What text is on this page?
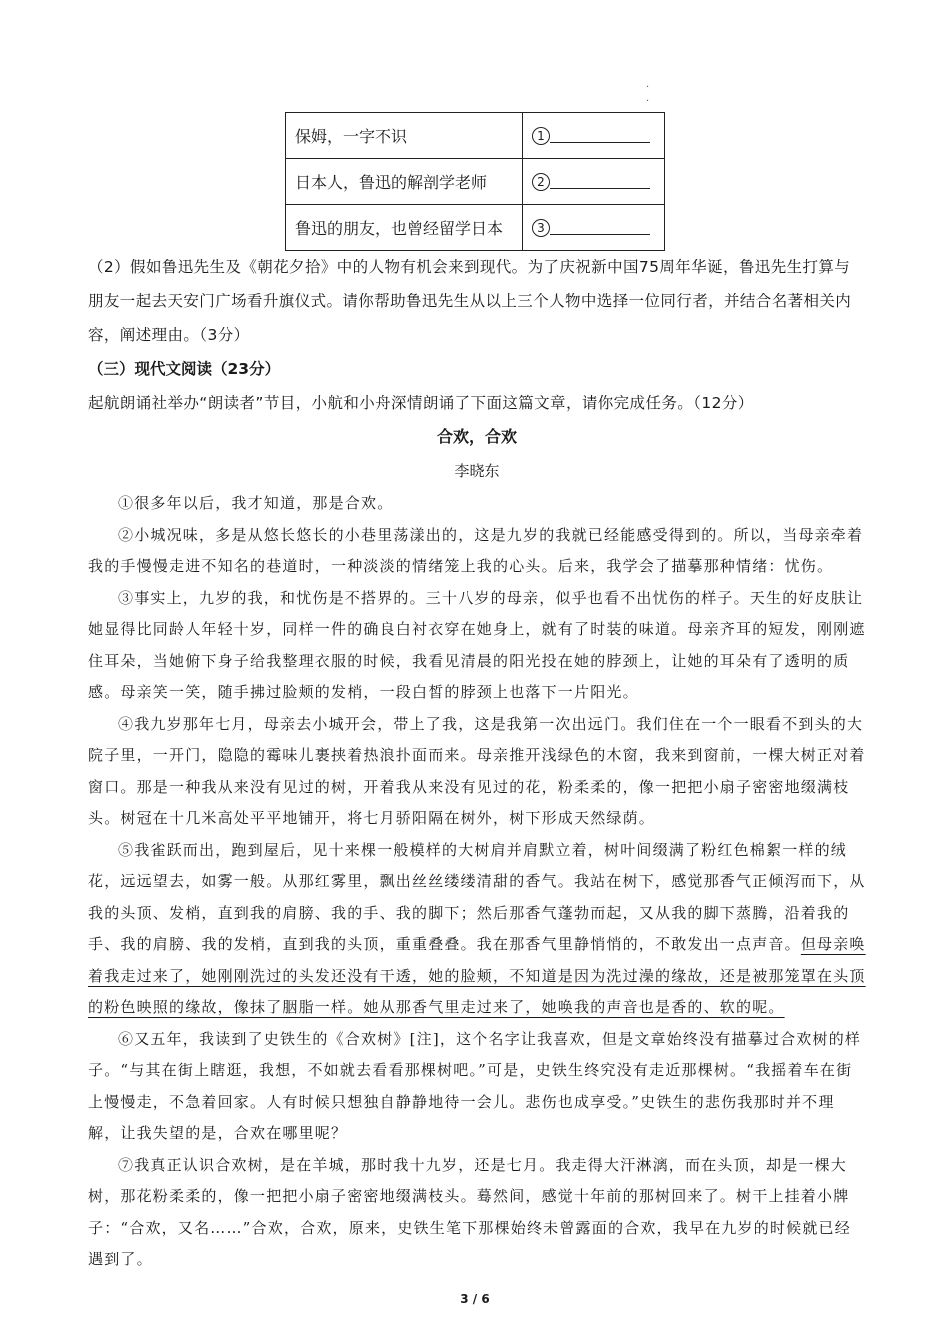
.
.
保姆，一字不识	1
日本人，鲁迅的解剖学老师	2
鲁迅的朋友，也曾经留学日本	3

（2）假如鲁迅先生及《朝花夕拾》中的人物有机会来到现代。为了庆祝新中国75周年华诞，鲁迅先生打算与朋友一起去天安门广场看升旗仪式。请你帮助鲁迅先生从以上三个人物中选择一位同行者，并结合名著相关内容，阐述理由。（3分）

（三）现代文阅读（23分）

起航朗诵社举办“朗读者”节目，小航和小舟深情朗诵了下面这篇文章，请你完成任务。（12分）

合欢，合欢

李晓东

①很多年以后，我才知道，那是合欢。

②小城况味，多是从悠长悠长的小巷里荡漾出的，这是九岁的我就已经能感受得到的。所以，当母亲牵着我的手慢慢走进不知名的巷道时，一种淡淡的情绪笼上我的心头。后来，我学会了描摹那种情绪：忧伤。

③事实上，九岁的我，和忧伤是不搭界的。三十八岁的母亲，似乎也看不出忧伤的样子。天生的好皮肤让她显得比同龄人年轻十岁，同样一件的确良白衬衣穿在她身上，就有了时装的味道。母亲齐耳的短发，刚刚遮住耳朵，当她俯下身子给我整理衣服的时候，我看见清晨的阳光投在她的脖颈上，让她的耳朵有了透明的质感。母亲笑一笑，随手拂过脸颊的发梢，一段白皙的脖颈上也落下一片阳光。

④我九岁那年七月，母亲去小城开会，带上了我，这是我第一次出远门。我们住在一个一眼看不到头的大院子里，一开门，隐隐的霉味儿裹挟着热浪扑面而来。母亲推开浅绿色的木窗，我来到窗前，一棵大树正对着窗口。那是一种我从来没有见过的树，开着我从来没有见过的花，粉柔柔的，像一把把小扇子密密地缀满枝头。树冠在十几米高处平平地铺开，将七月骄阳隔在树外，树下形成天然绿荫。

⑤我雀跃而出，跑到屋后，见十来棵一般模样的大树肩并肩默立着，树叶间缀满了粉红色棉絮一样的绒花，远远望去，如雾一般。从那红雾里，飘出丝丝缕缕清甜的香气。我站在树下，感觉那香气正倾泻而下，从我的头顶、发梢，直到我的肩膀、我的手、我的脚下；然后那香气蓬勃而起，又从我的脚下蒸腾，沿着我的手、我的肩膀、我的发梢，直到我的头顶，重重叠叠。我在那香气里静悄悄的，不敢发出一点声音。但母亲唤着我走过来了，她刚刚洗过的头发还没有干透，她的脸颊，不知道是因为洗过澡的缘故，还是被那笼罩在头顶的粉色映照的缘故，像抹了胭脂一样。她从那香气里走过来了，她唤我的声音也是香的、软的呢。

⑥又五年，我读到了史铁生的《合欢树》[注]，这个名字让我喜欢，但是文章始终没有描摹过合欢树的样子。“与其在街上瞎逛，我想，不如就去看看那棵树吧。”可是，史铁生终究没有走近那棵树。“我摇着车在街上慢慢走，不急着回家。人有时候只想独自静静地待一会儿。悲伤也成享受。”史铁生的悲伤我那时并不理解，让我失望的是，合欢在哪里呢？

⑦我真正认识合欢树，是在羊城，那时我十九岁，还是七月。我走得大汗淋漓，而在头顶，却是一棵大树，那花粉柔柔的，像一把把小扇子密密地缀满枝头。蓦然间，感觉十年前的那树回来了。树干上挂着小牌子：“合欢，又名……”合欢，合欢，原来，史铁生笔下那棵始终未曾露面的合欢，我早在九岁的时候就已经遇到了。

3 / 6
